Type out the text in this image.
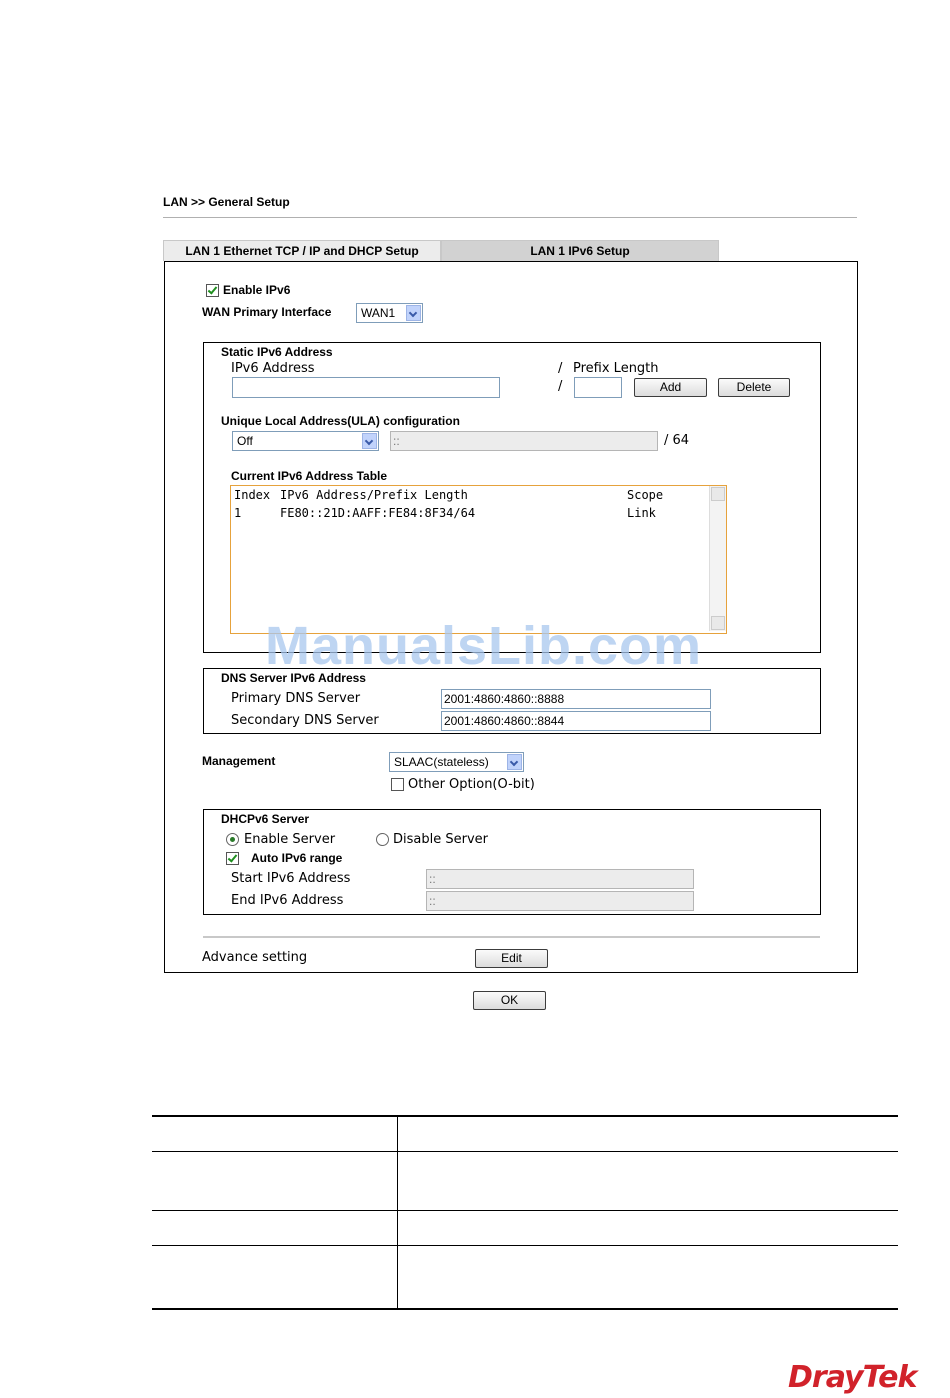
LAN >> General Setup
LAN 1 Ethernet TCP / IP and DHCP Setup	LAN 1 IPv6 Setup
Enable IPv6
WAN Primary Interface	WAN1
Static IPv6 Address
IPv6 Address	/ Prefix Length
/	Add	Delete
Unique Local Address(ULA) configuration
Off	::	/ 64
Current IPv6 Address Table
Index IPv6 Address/Prefix Length	Scope
1	FE80::21D:AAFF:FE84:8F34/64	Link
DNS Server IPv6 Address
Primary DNS Server	2001:4860:4860::8888
Secondary DNS Server	2001:4860:4860::8844
Management	SLAAC(stateless)
Other Option(O-bit)
DHCPv6 Server
Enable Server	Disable Server
Auto IPv6 range
Start IPv6 Address	::
End IPv6 Address	::
Advance setting	Edit
OK
ManualsLib.com
DrayTek
